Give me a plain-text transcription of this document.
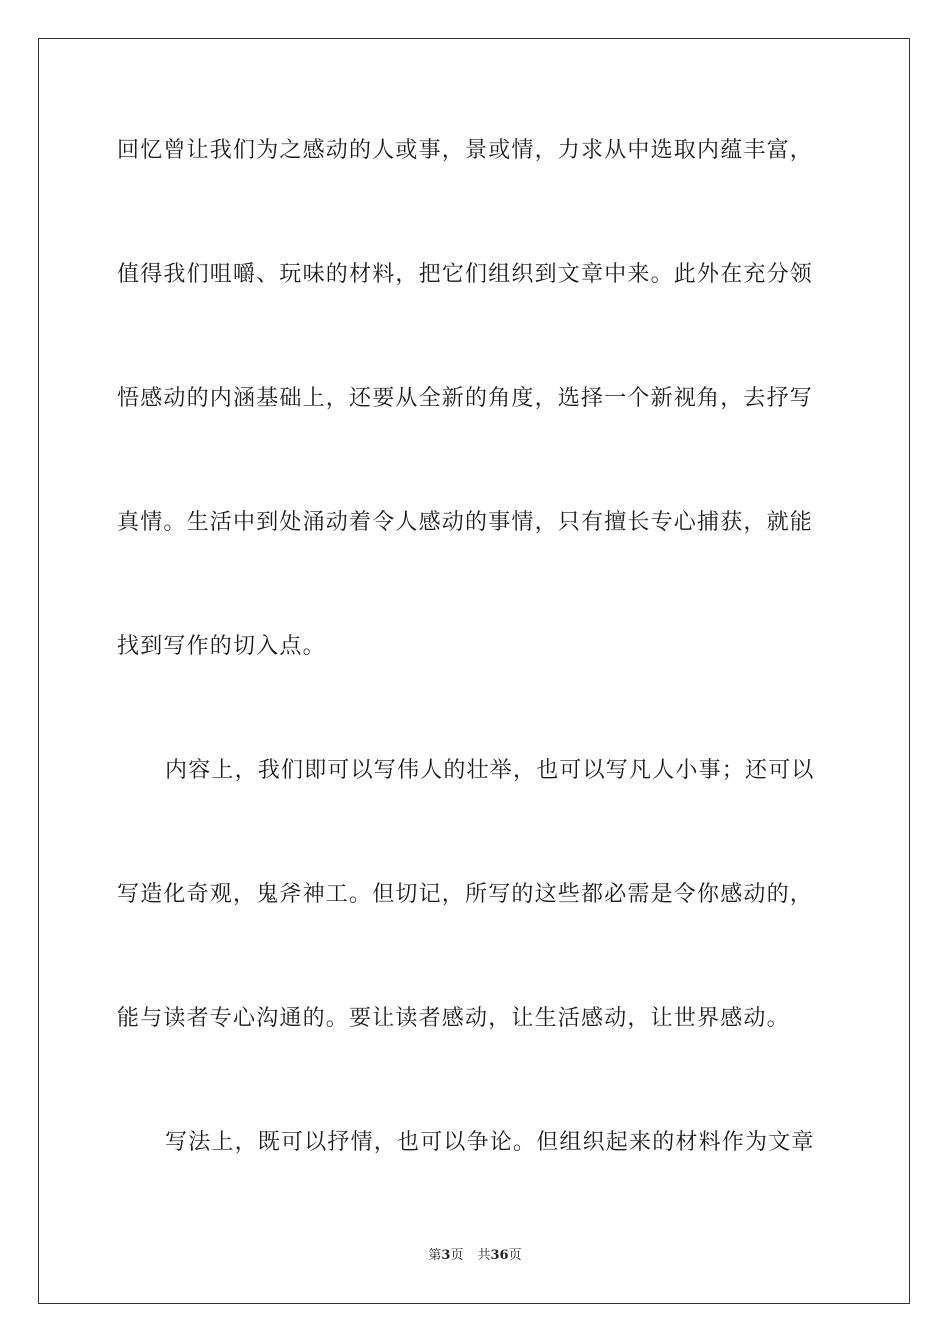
回忆曾让我们为之感动的人或事，景或情，力求从中选取内蕴丰富，
值得我们咀嚼、玩味的材料，把它们组织到文章中来。此外在充分领
悟感动的内涵基础上，还要从全新的角度，选择一个新视角，去抒写
真情。生活中到处涌动着令人感动的事情，只有擅长专心捕获，就能
找到写作的切入点。
内容上，我们即可以写伟人的壮举，也可以写凡人小事；还可以
写造化奇观，鬼斧神工。但切记，所写的这些都必需是令你感动的，
能与读者专心沟通的。要让读者感动，让生活感动，让世界感动。
写法上，既可以抒情，也可以争论。但组织起来的材料作为文章
第3页 共36页
